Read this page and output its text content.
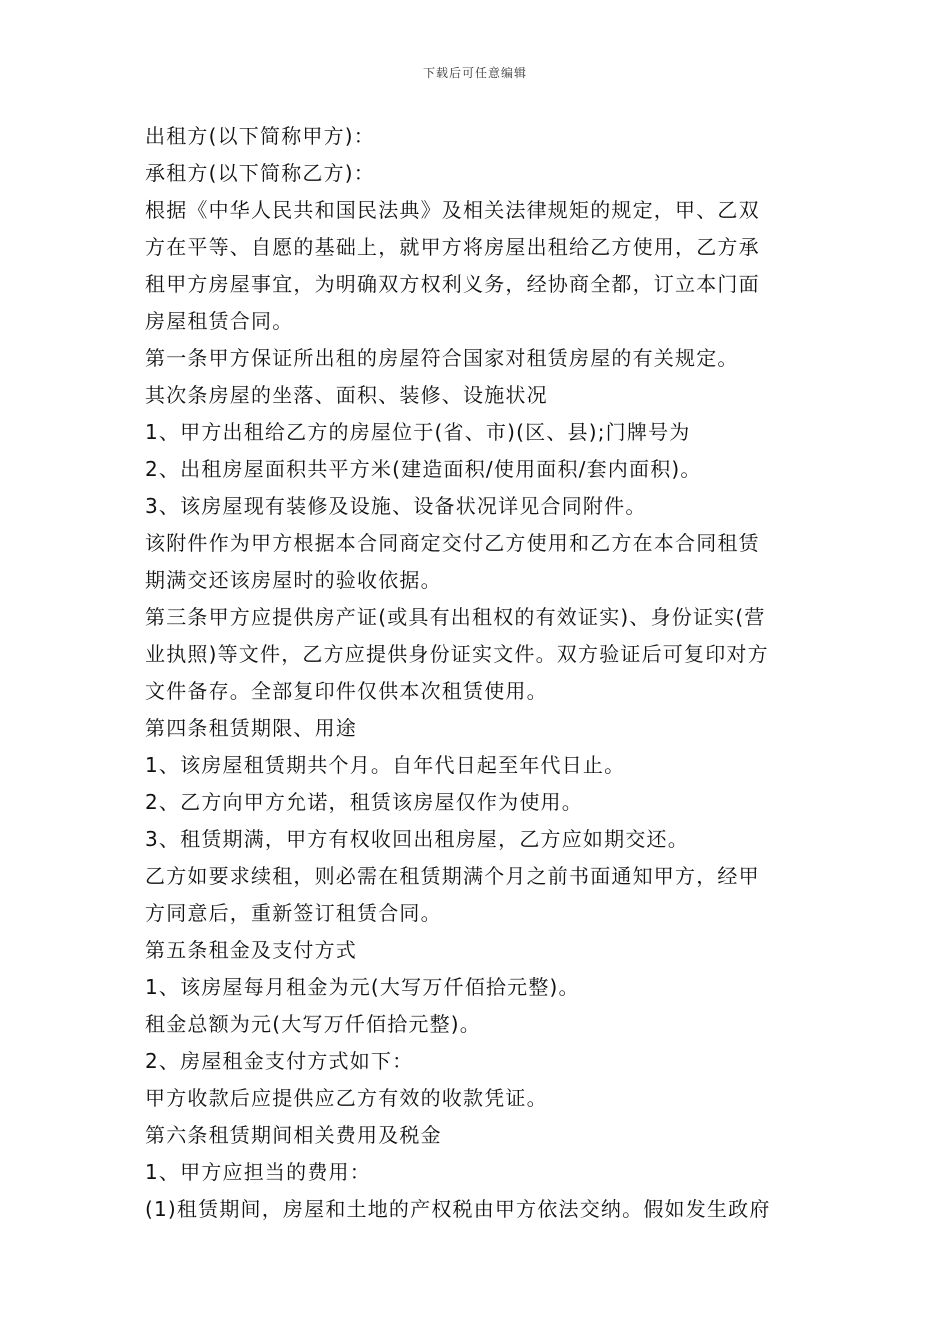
下载后可任意编辑
出租方(以下简称甲方)：
承租方(以下简称乙方)：
根据《中华人民共和国民法典》及相关法律规矩的规定，甲、乙双
方在平等、自愿的基础上，就甲方将房屋出租给乙方使用，乙方承
租甲方房屋事宜，为明确双方权利义务，经协商全都，订立本门面
房屋租赁合同。
第一条甲方保证所出租的房屋符合国家对租赁房屋的有关规定。
其次条房屋的坐落、面积、装修、设施状况
1、甲方出租给乙方的房屋位于(省、市)(区、县);门牌号为
2、出租房屋面积共平方米(建造面积/使用面积/套内面积)。
3、该房屋现有装修及设施、设备状况详见合同附件。
该附件作为甲方根据本合同商定交付乙方使用和乙方在本合同租赁
期满交还该房屋时的验收依据。
第三条甲方应提供房产证(或具有出租权的有效证实)、身份证实(营
业执照)等文件，乙方应提供身份证实文件。双方验证后可复印对方
文件备存。全部复印件仅供本次租赁使用。
第四条租赁期限、用途
1、该房屋租赁期共个月。自年代日起至年代日止。
2、乙方向甲方允诺，租赁该房屋仅作为使用。
3、租赁期满，甲方有权收回出租房屋，乙方应如期交还。
乙方如要求续租，则必需在租赁期满个月之前书面通知甲方，经甲
方同意后，重新签订租赁合同。
第五条租金及支付方式
1、该房屋每月租金为元(大写万仟佰拾元整)。
租金总额为元(大写万仟佰拾元整)。
2、房屋租金支付方式如下：
甲方收款后应提供应乙方有效的收款凭证。
第六条租赁期间相关费用及税金
1、甲方应担当的费用：
(1)租赁期间，房屋和土地的产权税由甲方依法交纳。假如发生政府
